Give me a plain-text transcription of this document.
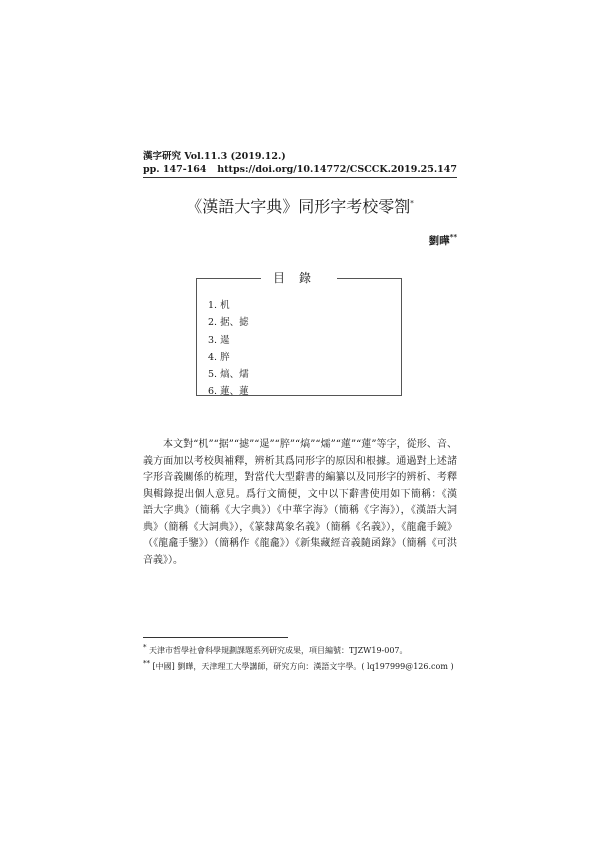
漢字研究 Vol.11.3 (2019.12.)
pp. 147-164 https://doi.org/10.14772/CSCCK.2019.25.147
《漢語大字典》同形字考校零劄*
劉曄**
目錄
1. 机
2. 据、摅
3. 遈
4. 脺
5. 熇、燸
6. 蓮、蓮

本文對“机”“据”“摅”“遈”“脺”“熇”“燸”“蓮”“蓮”等字，從形、音、義方面加以考校與補釋，辨析其爲同形字的原因和根據。通過對上述諸字形音義關係的梳理，對當代大型辭書的編纂以及同形字的辨析、考釋與輯錄提出個人意見。爲行文簡便，文中以下辭書使用如下簡稱：《漢語大字典》（簡稱《大字典》）《中華字海》（簡稱《字海》），《漢語大詞典》（簡稱《大詞典》），《篆隸萬象名義》（簡稱《名義》），《龍龕手鏡》（《龍龕手鑒》）（簡稱作《龍龕》）《新集藏經音義隨函錄》（簡稱《可洪音義》）。

* 天津市哲學社會科學規劃課題系列研究成果，項目編號：TJZW19-007。
** [中國] 劉曄，天津理工大學講師，研究方向：漢語文字學。( lq197999@126.com )
